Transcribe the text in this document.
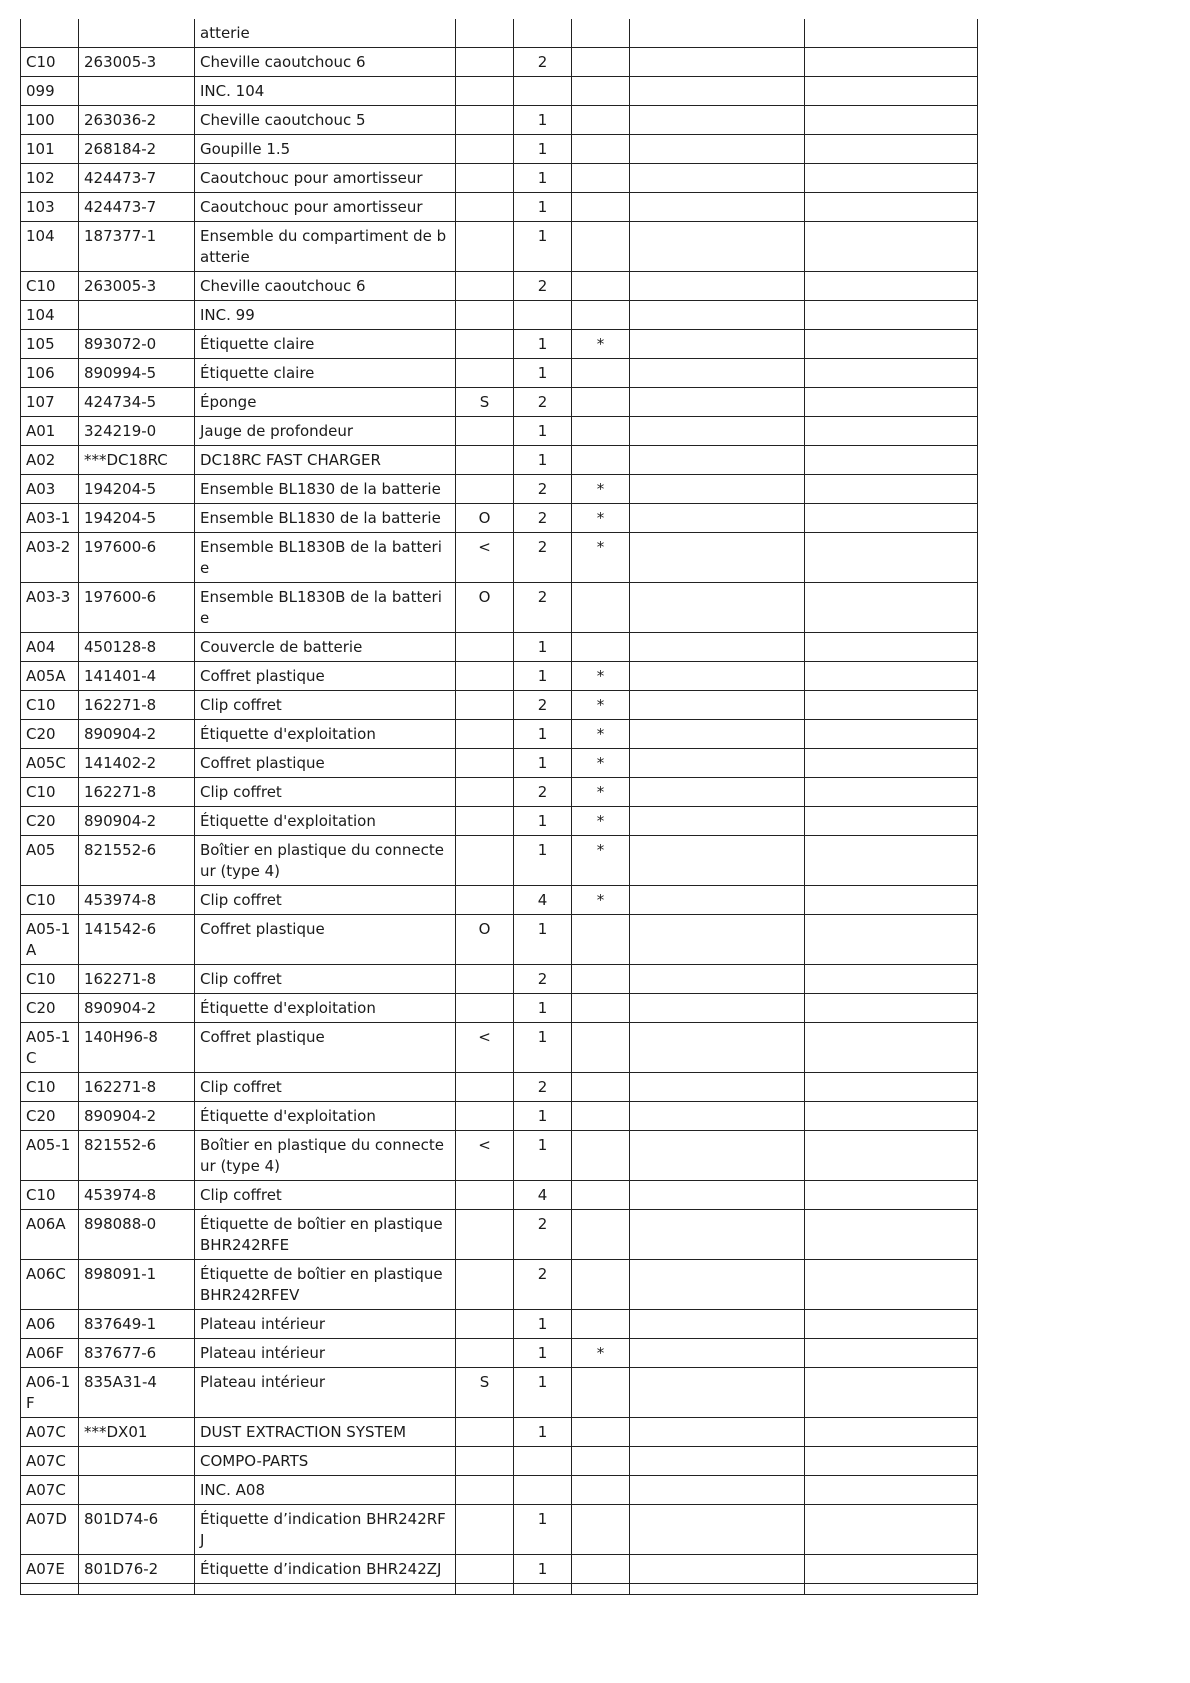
		atterie					
C10	263005-3	Cheville caoutchouc 6		2			
099		INC. 104					
100	263036-2	Cheville caoutchouc 5		1			
101	268184-2	Goupille 1.5		1			
102	424473-7	Caoutchouc pour amortisseur		1			
103	424473-7	Caoutchouc pour amortisseur		1			
104	187377-1	Ensemble du compartiment de batterie		1			
C10	263005-3	Cheville caoutchouc 6		2			
104		INC. 99					
105	893072-0	Étiquette claire		1	*		
106	890994-5	Étiquette claire		1			
107	424734-5	Éponge	S	2			
A01	324219-0	Jauge de profondeur		1			
A02	***DC18RC	DC18RC FAST CHARGER		1			
A03	194204-5	Ensemble BL1830 de la batterie		2	*		
A03-1	194204-5	Ensemble BL1830 de la batterie	O	2	*		
A03-2	197600-6	Ensemble BL1830B de la batterie	<	2	*		
A03-3	197600-6	Ensemble BL1830B de la batterie	O	2			
A04	450128-8	Couvercle de batterie		1			
A05A	141401-4	Coffret plastique		1	*		
C10	162271-8	Clip coffret		2	*		
C20	890904-2	Étiquette d'exploitation		1	*		
A05C	141402-2	Coffret plastique		1	*		
C10	162271-8	Clip coffret		2	*		
C20	890904-2	Étiquette d'exploitation		1	*		
A05	821552-6	Boîtier en plastique du connecteur (type 4)		1	*		
C10	453974-8	Clip coffret		4	*		
A05-1A	141542-6	Coffret plastique	O	1			
C10	162271-8	Clip coffret		2			
C20	890904-2	Étiquette d'exploitation		1			
A05-1C	140H96-8	Coffret plastique	<	1			
C10	162271-8	Clip coffret		2			
C20	890904-2	Étiquette d'exploitation		1			
A05-1	821552-6	Boîtier en plastique du connecteur (type 4)	<	1			
C10	453974-8	Clip coffret		4			
A06A	898088-0	Étiquette de boîtier en plastique BHR242RFE		2			
A06C	898091-1	Étiquette de boîtier en plastique BHR242RFEV		2			
A06	837649-1	Plateau intérieur		1			
A06F	837677-6	Plateau intérieur		1	*		
A06-1F	835A31-4	Plateau intérieur	S	1			
A07C	***DX01	DUST EXTRACTION SYSTEM		1			
A07C		COMPO-PARTS					
A07C		INC. A08					
A07D	801D74-6	Étiquette d’indication BHR242RFJ		1			
A07E	801D76-2	Étiquette d’indication BHR242ZJ		1			
